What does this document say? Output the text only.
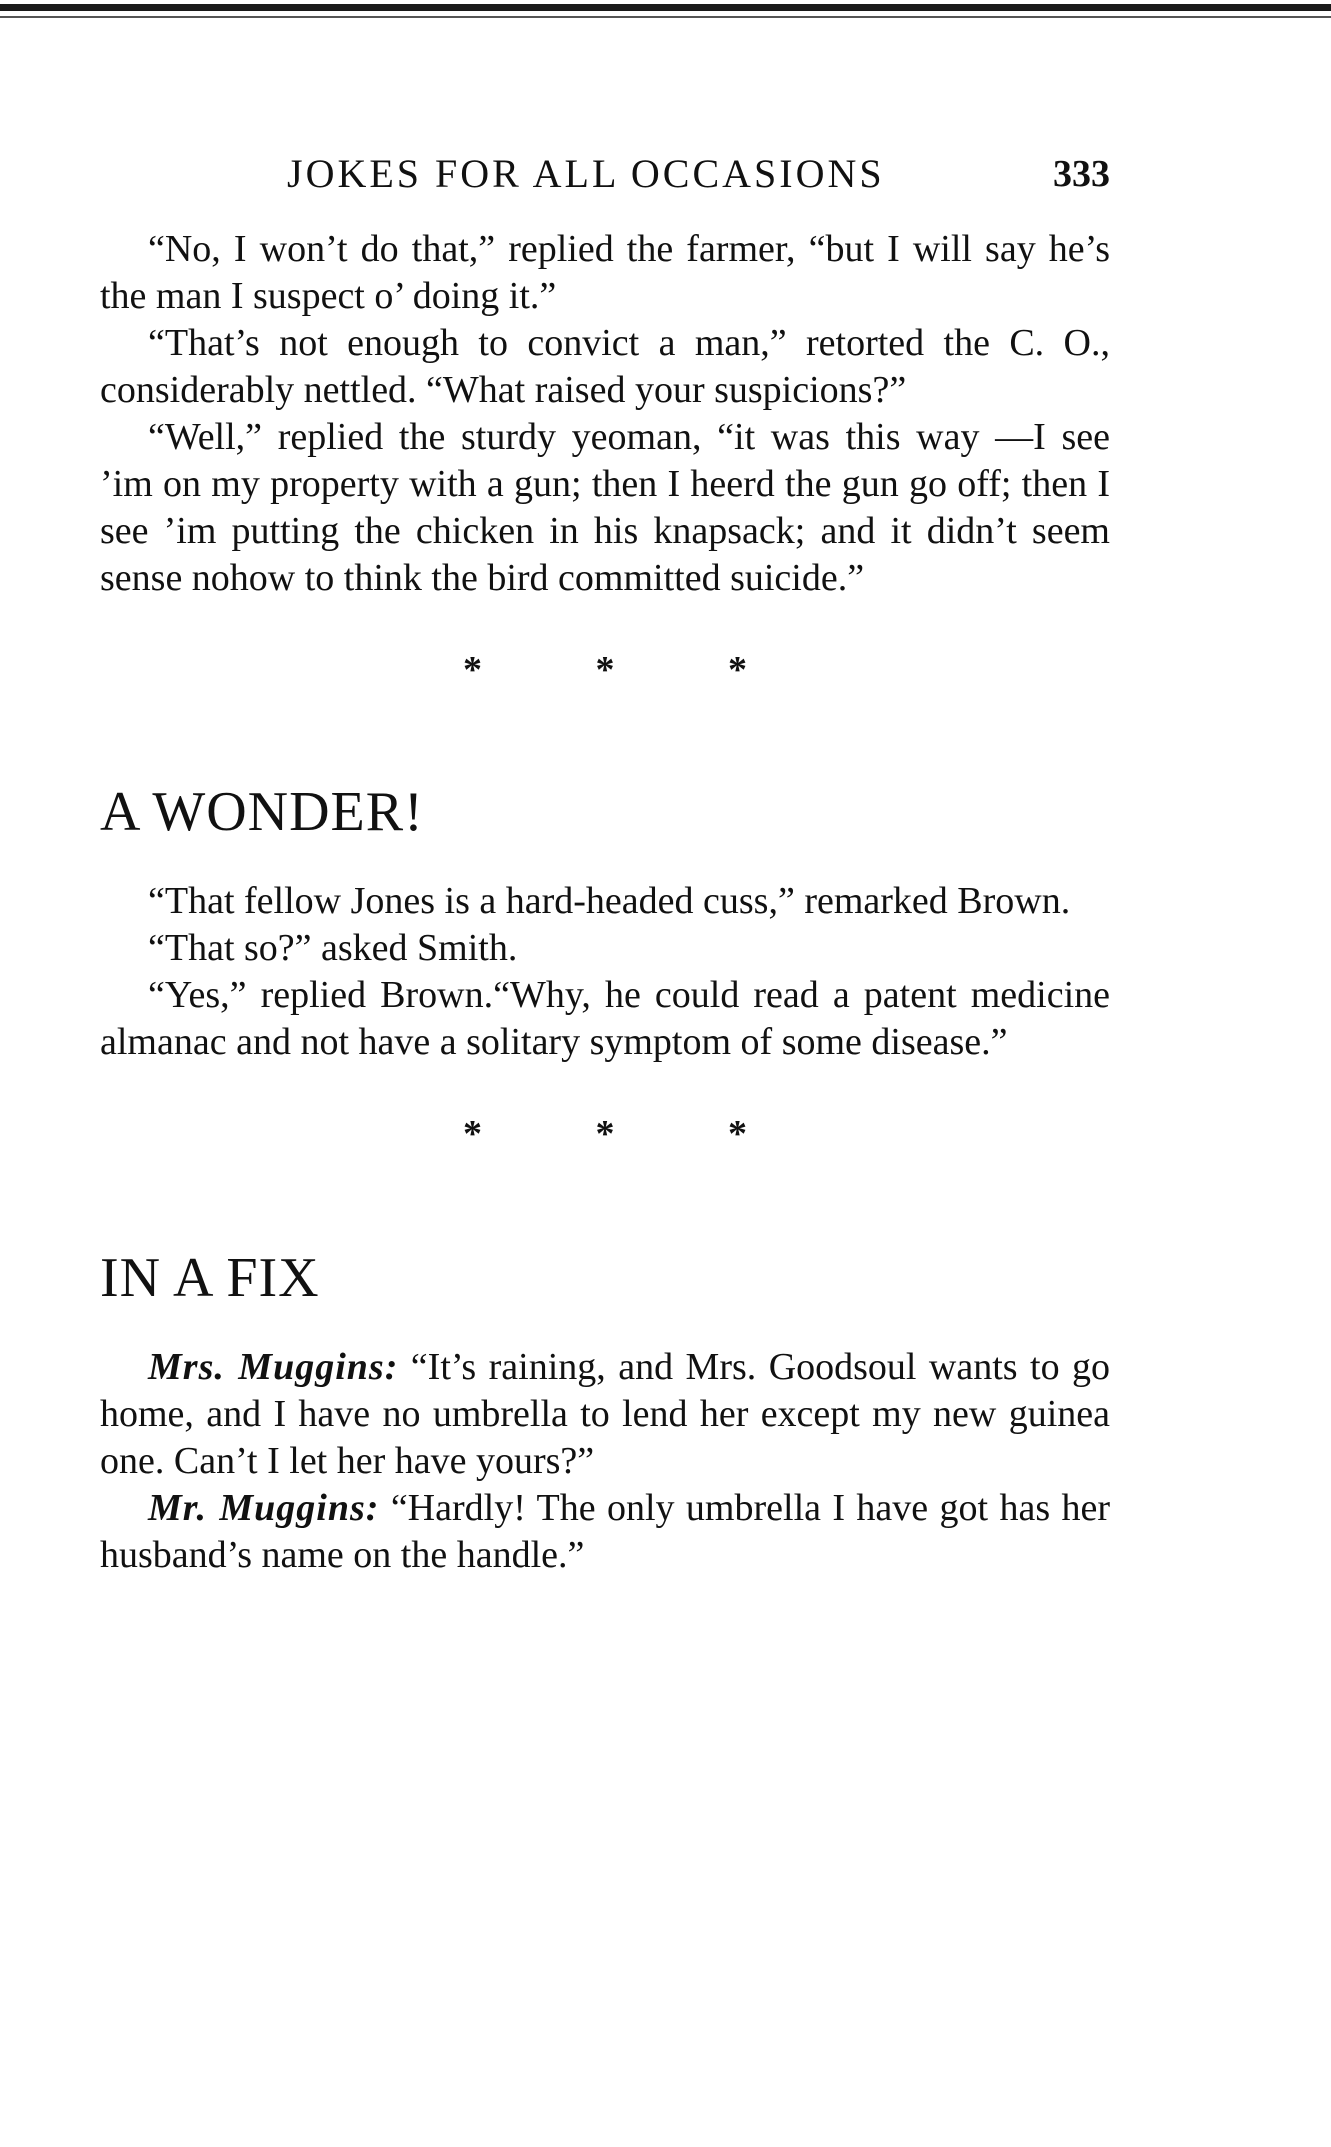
JOKES FOR ALL OCCASIONS	333

“No, I won’t do that,” replied the farmer, “but I will say he’s the man I suspect o’ doing it.”

“That’s not enough to convict a man,” retorted the C. O., considerably nettled. “What raised your suspicions?”

“Well,” replied the sturdy yeoman, “it was this way —I see ’im on my property with a gun; then I heerd the gun go off; then I see ’im putting the chicken in his knapsack; and it didn’t seem sense nohow to think the bird committed suicide.”

* * *
A WONDER!

“That fellow Jones is a hard-headed cuss,” remarked Brown.

“That so?” asked Smith.

“Yes,” replied Brown.“Why, he could read a patent medicine almanac and not have a solitary symptom of some disease.”

* * *
IN A FIX

Mrs. Muggins: “It’s raining, and Mrs. Goodsoul wants to go home, and I have no umbrella to lend her except my new guinea one. Can’t I let her have yours?”

Mr. Muggins: “Hardly! The only umbrella I have got has her husband’s name on the handle.”
